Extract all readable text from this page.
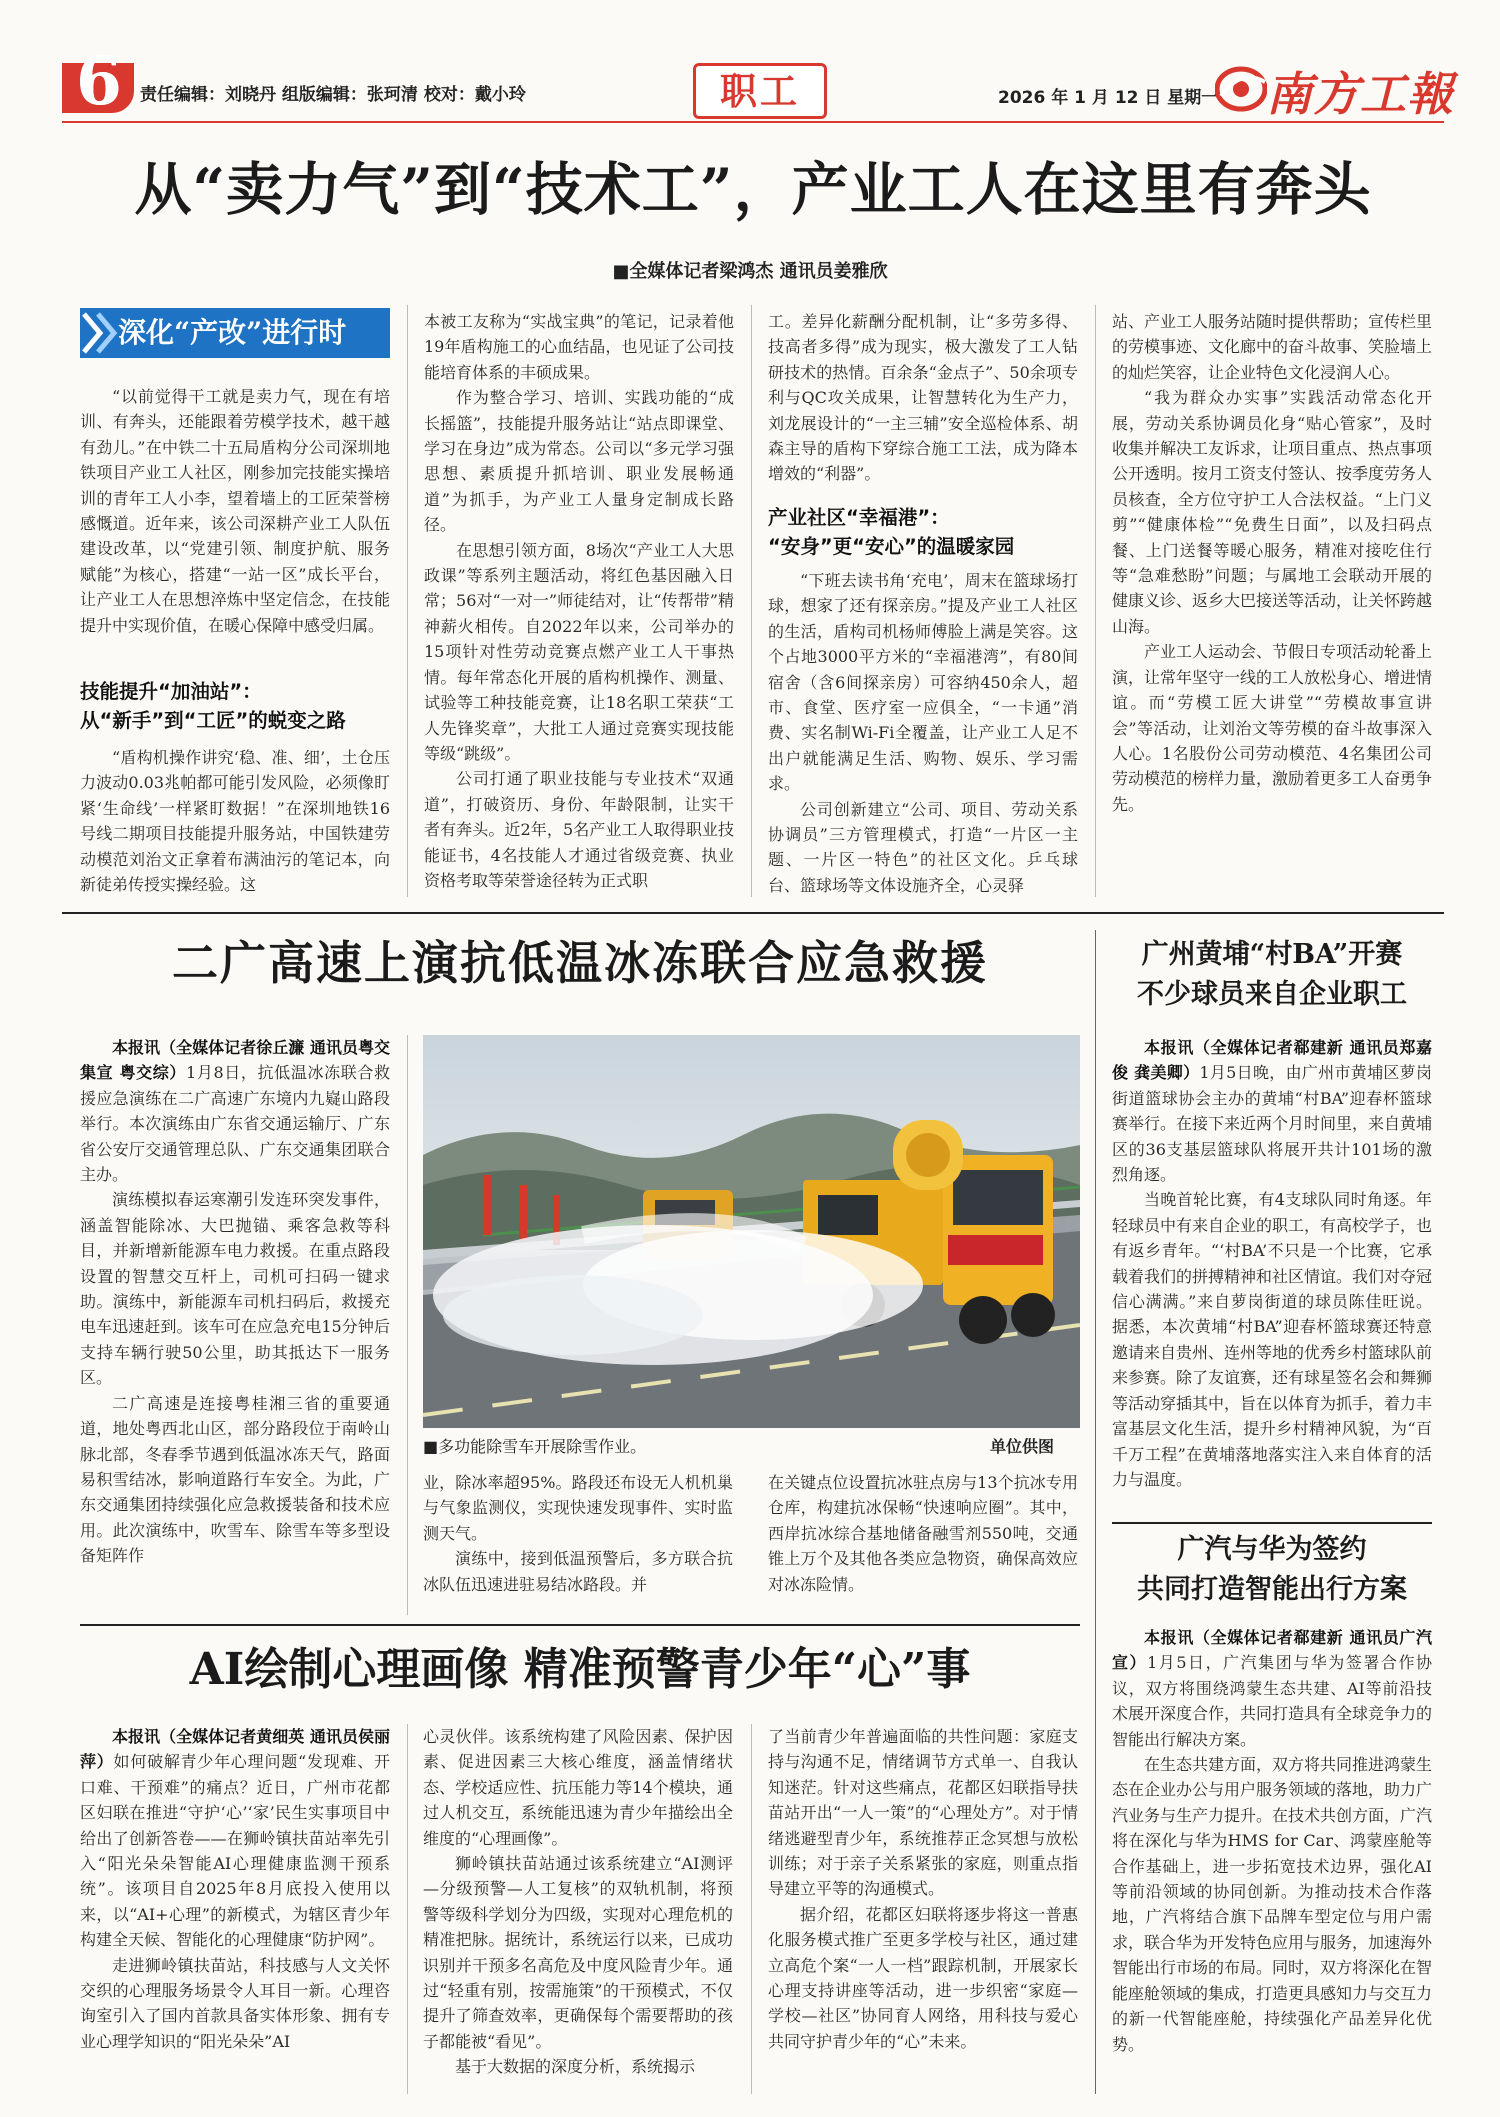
6 责任编辑：刘晓丹 组版编辑：张珂清 校对：戴小玲	职工	2026 年 1 月 12 日 星期一 南方工報
从“卖力气”到“技术工”，产业工人在这里有奔头
■全媒体记者梁鸿杰 通讯员姜雅欣
深化“产改”进行时

“以前觉得干工就是卖力气，现在有培训、有奔头，还能跟着劳模学技术，越干越有劲儿。”在中铁二十五局盾构分公司深圳地铁项目产业工人社区，刚参加完技能实操培训的青年工人小李，望着墙上的工匠荣誉榜感慨道。近年来，该公司深耕产业工人队伍建设改革，以“党建引领、制度护航、服务赋能”为核心，搭建“一站一区”成长平台，让产业工人在思想淬炼中坚定信念，在技能提升中实现价值，在暖心保障中感受归属。

技能提升“加油站”：
从“新手”到“工匠”的蜕变之路

“盾构机操作讲究‘稳、准、细’，土仓压力波动0.03兆帕都可能引发风险，必须像盯紧‘生命线’一样紧盯数据！”在深圳地铁16号线二期项目技能提升服务站，中国铁建劳动模范刘治文正拿着布满油污的笔记本，向新徒弟传授实操经验。这

本被工友称为“实战宝典”的笔记，记录着他19年盾构施工的心血结晶，也见证了公司技能培育体系的丰硕成果。

作为整合学习、培训、实践功能的“成长摇篮”，技能提升服务站让“站点即课堂、学习在身边”成为常态。公司以“多元学习强思想、素质提升抓培训、职业发展畅通道”为抓手，为产业工人量身定制成长路径。

在思想引领方面，8场次“产业工人大思政课”等系列主题活动，将红色基因融入日常；56对“一对一”师徒结对，让“传帮带”精神薪火相传。自2022年以来，公司举办的15项针对性劳动竞赛点燃产业工人干事热情。每年常态化开展的盾构机操作、测量、试验等工种技能竞赛，让18名职工荣获“工人先锋奖章”，大批工人通过竞赛实现技能等级“跳级”。

公司打通了职业技能与专业技术“双通道”，打破资历、身份、年龄限制，让实干者有奔头。近2年，5名产业工人取得职业技能证书，4名技能人才通过省级竞赛、执业资格考取等荣誉途径转为正式职

工。差异化薪酬分配机制，让“多劳多得、技高者多得”成为现实，极大激发了工人钻研技术的热情。百余条“金点子”、50余项专利与QC攻关成果，让智慧转化为生产力，刘龙展设计的“一主三辅”安全巡检体系、胡森主导的盾构下穿综合施工工法，成为降本增效的“利器”。

产业社区“幸福港”：
“安身”更“安心”的温暖家园

“下班去读书角‘充电’，周末在篮球场打球，想家了还有探亲房。”提及产业工人社区的生活，盾构司机杨师傅脸上满是笑容。这个占地3000平方米的“幸福港湾”，有80间宿舍（含6间探亲房）可容纳450余人，超市、食堂、医疗室一应俱全，“一卡通”消费、实名制Wi-Fi全覆盖，让产业工人足不出户就能满足生活、购物、娱乐、学习需求。

公司创新建立“公司、项目、劳动关系协调员”三方管理模式，打造“一片区一主题、一片区一特色”的社区文化。乒乓球台、篮球场等文体设施齐全，心灵驿

站、产业工人服务站随时提供帮助；宣传栏里的劳模事迹、文化廊中的奋斗故事、笑脸墙上的灿烂笑容，让企业特色文化浸润人心。

“我为群众办实事”实践活动常态化开展，劳动关系协调员化身“贴心管家”，及时收集并解决工友诉求，让项目重点、热点事项公开透明。按月工资支付签认、按季度劳务人员核查，全方位守护工人合法权益。“上门义剪”“健康体检”“免费生日面”，以及扫码点餐、上门送餐等暖心服务，精准对接吃住行等“急难愁盼”问题；与属地工会联动开展的健康义诊、返乡大巴接送等活动，让关怀跨越山海。

产业工人运动会、节假日专项活动轮番上演，让常年坚守一线的工人放松身心、增进情谊。而“劳模工匠大讲堂”“劳模故事宣讲会”等活动，让刘治文等劳模的奋斗故事深入人心。1名股份公司劳动模范、4名集团公司劳动模范的榜样力量，激励着更多工人奋勇争先。

二广高速上演抗低温冰冻联合应急救援

本报讯（全媒体记者徐丘濂 通讯员粤交集宣 粤交综）1月8日，抗低温冰冻联合救援应急演练在二广高速广东境内九嶷山路段举行。本次演练由广东省交通运输厅、广东省公安厅交通管理总队、广东交通集团联合主办。

演练模拟春运寒潮引发连环突发事件，涵盖智能除冰、大巴抛锚、乘客急救等科目，并新增新能源车电力救援。在重点路段设置的智慧交互杆上，司机可扫码一键求助。演练中，新能源车司机扫码后，救援充电车迅速赶到。该车可在应急充电15分钟后支持车辆行驶50公里，助其抵达下一服务区。

二广高速是连接粤桂湘三省的重要通道，地处粤西北山区，部分路段位于南岭山脉北部，冬春季节遇到低温冰冻天气，路面易积雪结冰，影响道路行车安全。为此，广东交通集团持续强化应急救援装备和技术应用。此次演练中，吹雪车、除雪车等多型设备矩阵作

■多功能除雪车开展除雪作业。	单位供图

业，除冰率超95%。路段还布设无人机机巢与气象监测仪，实现快速发现事件、实时监测天气。

演练中，接到低温预警后，多方联合抗冰队伍迅速进驻易结冰路段。并

在关键点位设置抗冰驻点房与13个抗冰专用仓库，构建抗冰保畅“快速响应圈”。其中，西岸抗冰综合基地储备融雪剂550吨，交通锥上万个及其他各类应急物资，确保高效应对冰冻险情。

AI绘制心理画像 精准预警青少年“心”事

本报讯（全媒体记者黄细英 通讯员侯丽萍）如何破解青少年心理问题“发现难、开口难、干预难”的痛点？近日，广州市花都区妇联在推进“守护‘心’‘家’民生实事项目中给出了创新答卷——在狮岭镇扶苗站率先引入“阳光朵朵智能AI心理健康监测干预系统”。该项目自2025年8月底投入使用以来，以“AI+心理”的新模式，为辖区青少年构建全天候、智能化的心理健康“防护网”。

走进狮岭镇扶苗站，科技感与人文关怀交织的心理服务场景令人耳目一新。心理咨询室引入了国内首款具备实体形象、拥有专业心理学知识的“阳光朵朵”AI

心灵伙伴。该系统构建了风险因素、保护因素、促进因素三大核心维度，涵盖情绪状态、学校适应性、抗压能力等14个模块，通过人机交互，系统能迅速为青少年描绘出全维度的“心理画像”。

狮岭镇扶苗站通过该系统建立“AI测评—分级预警—人工复核”的双轨机制，将预警等级科学划分为四级，实现对心理危机的精准把脉。据统计，系统运行以来，已成功识别并干预多名高危及中度风险青少年。通过“轻重有别，按需施策”的干预模式，不仅提升了筛查效率，更确保每个需要帮助的孩子都能被“看见”。

基于大数据的深度分析，系统揭示

了当前青少年普遍面临的共性问题：家庭支持与沟通不足，情绪调节方式单一、自我认知迷茫。针对这些痛点，花都区妇联指导扶苗站开出“一人一策”的“心理处方”。对于情绪逃避型青少年，系统推荐正念冥想与放松训练；对于亲子关系紧张的家庭，则重点指导建立平等的沟通模式。

据介绍，花都区妇联将逐步将这一普惠化服务模式推广至更多学校与社区，通过建立高危个案“一人一档”跟踪机制，开展家长心理支持讲座等活动，进一步织密“家庭—学校—社区”协同育人网络，用科技与爱心共同守护青少年的“心”未来。

广州黄埔“村BA”开赛
不少球员来自企业职工

本报讯（全媒体记者郗建新 通讯员郑嘉俊 龚美卿）1月5日晚，由广州市黄埔区萝岗街道篮球协会主办的黄埔“村BA”迎春杯篮球赛举行。在接下来近两个月时间里，来自黄埔区的36支基层篮球队将展开共计101场的激烈角逐。

当晚首轮比赛，有4支球队同时角逐。年轻球员中有来自企业的职工，有高校学子，也有返乡青年。“‘村BA’不只是一个比赛，它承载着我们的拼搏精神和社区情谊。我们对夺冠信心满满。”来自萝岗街道的球员陈佳旺说。据悉，本次黄埔“村BA”迎春杯篮球赛还特意邀请来自贵州、连州等地的优秀乡村篮球队前来参赛。除了友谊赛，还有球星签名会和舞狮等活动穿插其中，旨在以体育为抓手，着力丰富基层文化生活，提升乡村精神风貌，为“百千万工程”在黄埔落地落实注入来自体育的活力与温度。

广汽与华为签约
共同打造智能出行方案

本报讯（全媒体记者郗建新 通讯员广汽宣）1月5日，广汽集团与华为签署合作协议，双方将围绕鸿蒙生态共建、AI等前沿技术展开深度合作，共同打造具有全球竞争力的智能出行解决方案。

在生态共建方面，双方将共同推进鸿蒙生态在企业办公与用户服务领域的落地，助力广汽业务与生产力提升。在技术共创方面，广汽将在深化与华为HMS for Car、鸿蒙座舱等合作基础上，进一步拓宽技术边界，强化AI等前沿领域的协同创新。为推动技术合作落地，广汽将结合旗下品牌车型定位与用户需求，联合华为开发特色应用与服务，加速海外智能出行市场的布局。同时，双方将深化在智能座舱领域的集成，打造更具感知力与交互力的新一代智能座舱，持续强化产品差异化优势。
